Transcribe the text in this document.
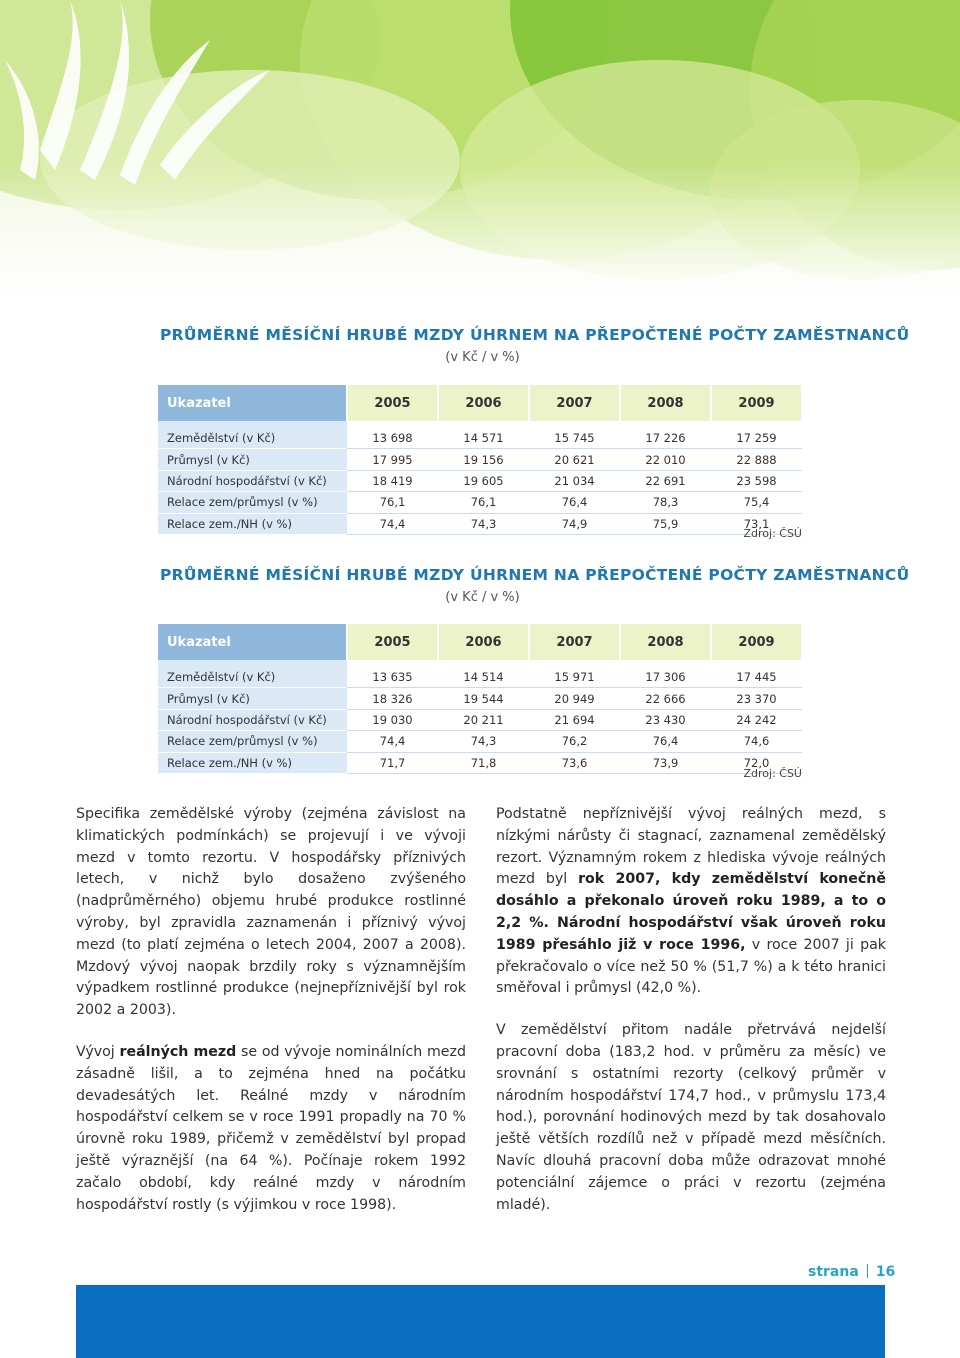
PRŮMĚRNÉ MĚSÍČNÍ HRUBÉ MZDY ÚHRNEM NA PŘEPOČTENÉ POČTY ZAMĚSTNANCŮ
(v Kč / v %)
Ukazatel	2005	2006	2007	2008	2009

Zemědělství (v Kč)	13 698	14 571	15 745	17 226	17 259
Průmysl (v Kč)	17 995	19 156	20 621	22 010	22 888
Národní hospodářství (v Kč)	18 419	19 605	21 034	22 691	23 598
Relace zem/průmysl (v %)	76,1	76,1	76,4	78,3	75,4
Relace zem./NH (v %)	74,4	74,3	74,9	75,9	73,1
Zdroj: ČSÚ
PRŮMĚRNÉ MĚSÍČNÍ HRUBÉ MZDY ÚHRNEM NA PŘEPOČTENÉ POČTY ZAMĚSTNANCŮ
(v Kč / v %)
Ukazatel	2005	2006	2007	2008	2009

Zemědělství (v Kč)	13 635	14 514	15 971	17 306	17 445
Průmysl (v Kč)	18 326	19 544	20 949	22 666	23 370
Národní hospodářství (v Kč)	19 030	20 211	21 694	23 430	24 242
Relace zem/průmysl (v %)	74,4	74,3	76,2	76,4	74,6
Relace zem./NH (v %)	71,7	71,8	73,6	73,9	72,0
Zdroj: ČSÚ

Specifika zemědělské výroby (zejména závislost na klimatických podmínkách) se projevují i ve vývoji mezd v tomto rezortu. V hospodářsky příznivých letech, v nichž bylo dosaženo zvýšeného (nadprůměrného) objemu hrubé produkce rostlinné výroby, byl zpravidla zaznamenán i příznivý vývoj mezd (to platí zejména o letech 2004, 2007 a 2008). Mzdový vývoj naopak brzdily roky s významnějším výpadkem rostlinné produkce (nejnepříznivější byl rok 2002 a 2003).

Vývoj reálných mezd se od vývoje nominálních mezd zásadně lišil, a to zejména hned na počátku devadesátých let. Reálné mzdy v národním hospodářství celkem se v roce 1991 propadly na 70 % úrovně roku 1989, přičemž v zemědělství byl propad ještě výraznější (na 64 %). Počínaje rokem 1992 začalo období, kdy reálné mzdy v národním hospodářství rostly (s výjimkou v roce 1998).

Podstatně nepříznivější vývoj reálných mezd, s nízkými nárůsty či stagnací, zaznamenal zemědělský rezort. Významným rokem z hlediska vývoje reálných mezd byl rok 2007, kdy zemědělství konečně dosáhlo a překonalo úroveň roku 1989, a to o 2,2 %. Národní hospodářství však úroveň roku 1989 přesáhlo již v roce 1996, v roce 2007 ji pak překračovalo o více než 50 % (51,7 %) a k této hranici směřoval i průmysl (42,0 %).

V zemědělství přitom nadále přetrvává nejdelší pracovní doba (183,2 hod. v průměru za měsíc) ve srovnání s ostatními rezorty (celkový průměr v národním hospodářství 174,7 hod., v průmyslu 173,4 hod.), porovnání hodinových mezd by tak dosahovalo ještě větších rozdílů než v případě mezd měsíčních. Navíc dlouhá pracovní doba může odrazovat mnohé potenciální zájemce o práci v rezortu (zejména mladé).

strana 16
